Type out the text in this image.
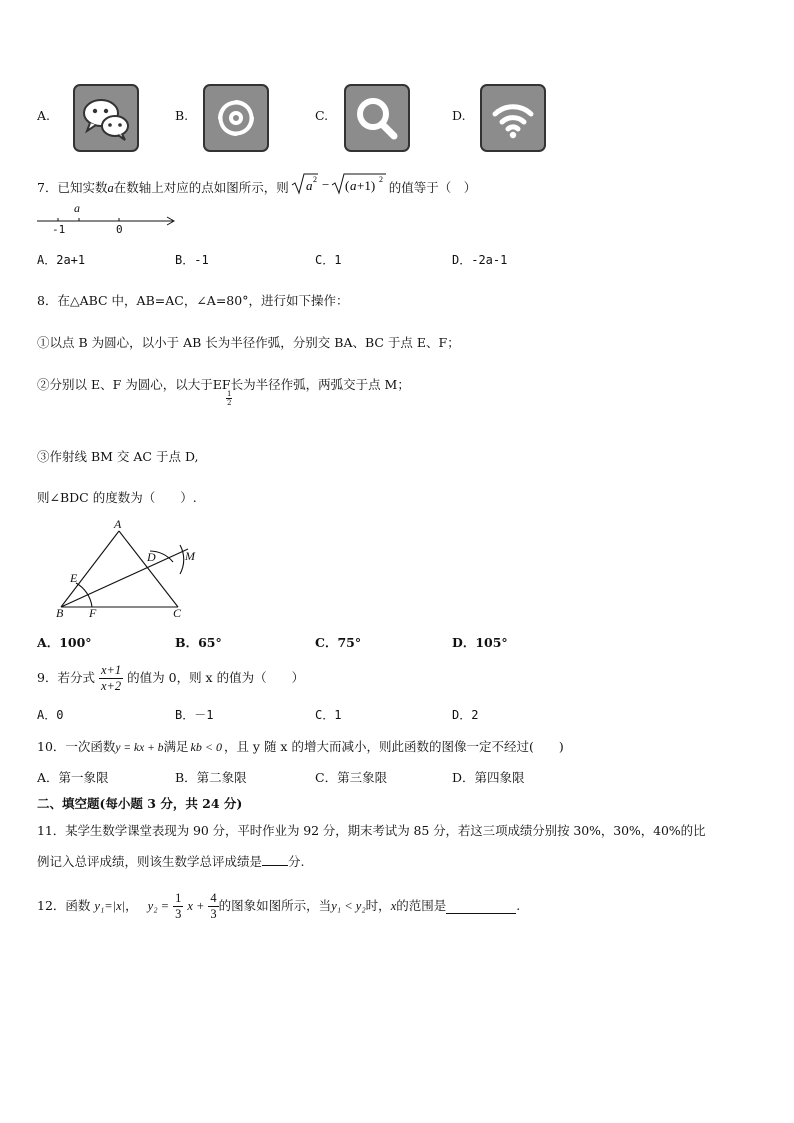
A.	B.	C.	D.
7．已知实数a在数轴上对应的点如图所示，则 a 2 − ( a +1) 2
的值等于（　）
a
-1	0
A．2a+1	B．-1	C．1	D．-2a-1
8．在△ABC 中，AB=AC，∠A=80°，进行如下操作：
①以点 B 为圆心，以小于 AB 长为半径作弧，分别交 BA、BC 于点 E、F；
②分别以 E、F 为圆心，以大于EF长为半径作弧，两弧交于点 M；
1
2
③作射线 BM 交 AC 于点 D,
则∠BDC 的度数为（　　）.
A
B	C
D
E
F
M
A．100°	B．65°	C．75°	D．105°
9．若分式 $\frac{x+1}{x+2}$ 的值为 0，则 x 的值为（　　）
A．0	B．－1	C．1	D．2
10．一次函数y = kx + b满足 kb < 0 ，且 y 随 x 的增大而减小，则此函数的图像一定不经过(　　)
A．第一象限	B．第二象限	C．第三象限	D．第四象限
二、填空题(每小题 3 分，共 24 分)
11．某学生数学课堂表现为 90 分，平时作业为 92 分，期末考试为 85 分，若这三项成绩分别按 30%，30%，40%的比
例记入总评成绩，则该生数学总评成绩是 分.
12．函数 y₁=|x|， $y_2 = \frac{1}{3}$ $x + \frac{4}{3}$ 的图象如图所示，当y₁ < y₂时，x的范围是	.
